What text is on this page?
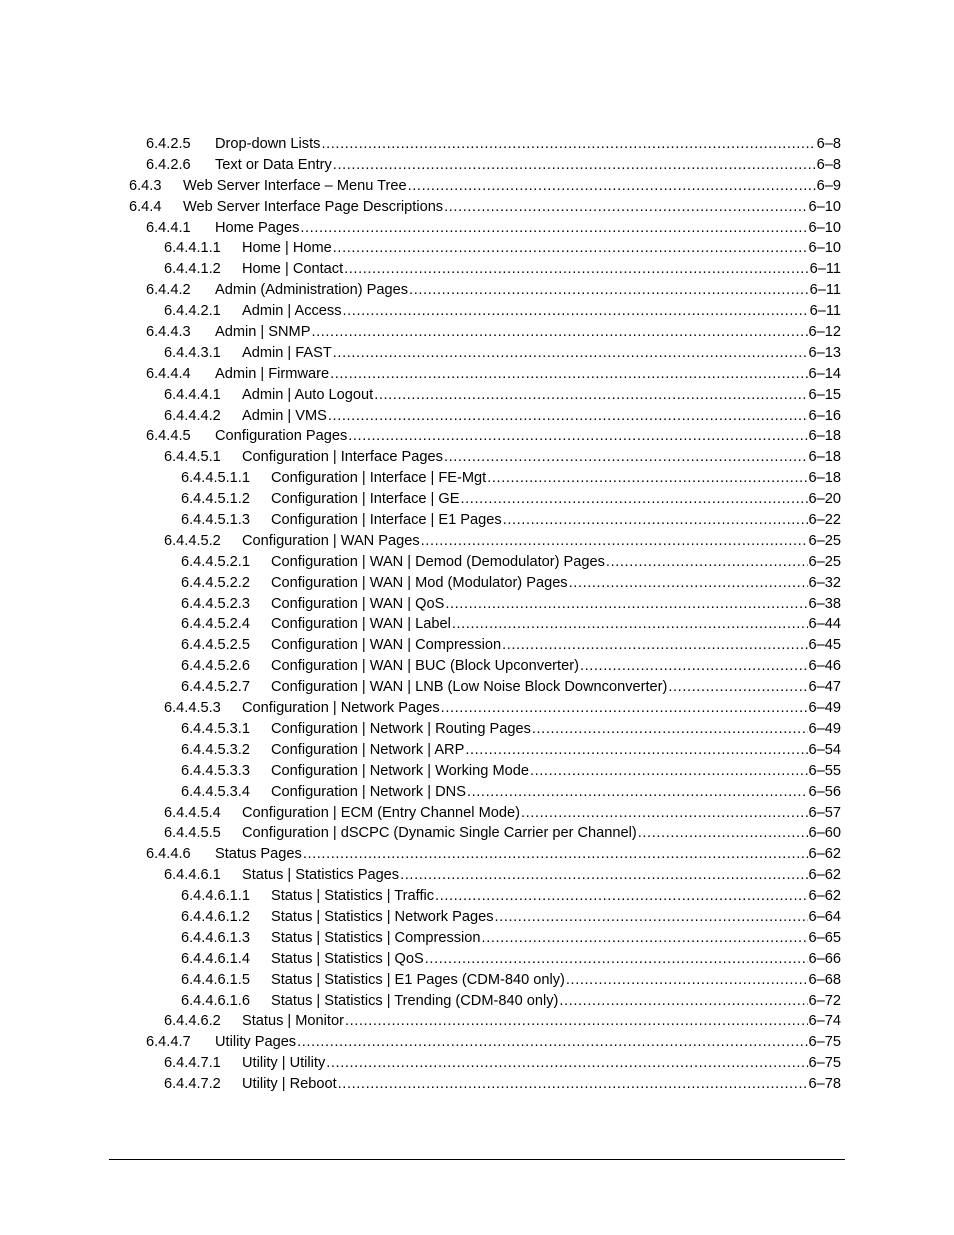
6.4.2.5	Drop-down Lists .....	6–8
6.4.2.6	Text or Data Entry .....	6–8
6.4.3	Web Server Interface – Menu Tree .....	6–9
6.4.4	Web Server Interface Page Descriptions .....	6–10
6.4.4.1	Home Pages .....	6–10
6.4.4.1.1	Home | Home .....	6–10
6.4.4.1.2	Home | Contact .....	6–11
6.4.4.2	Admin (Administration) Pages .....	6–11
6.4.4.2.1	Admin | Access .....	6–11
6.4.4.3	Admin | SNMP .....	6–12
6.4.4.3.1	Admin | FAST .....	6–13
6.4.4.4	Admin | Firmware .....	6–14
6.4.4.4.1	Admin | Auto Logout .....	6–15
6.4.4.4.2	Admin | VMS .....	6–16
6.4.4.5	Configuration Pages .....	6–18
6.4.4.5.1	Configuration | Interface Pages .....	6–18
6.4.4.5.1.1	Configuration | Interface | FE-Mgt .....	6–18
6.4.4.5.1.2	Configuration | Interface | GE .....	6–20
6.4.4.5.1.3	Configuration | Interface | E1 Pages .....	6–22
6.4.4.5.2	Configuration | WAN Pages .....	6–25
6.4.4.5.2.1	Configuration | WAN | Demod (Demodulator) Pages .....	6–25
6.4.4.5.2.2	Configuration | WAN | Mod (Modulator) Pages .....	6–32
6.4.4.5.2.3	Configuration | WAN | QoS .....	6–38
6.4.4.5.2.4	Configuration | WAN | Label .....	6–44
6.4.4.5.2.5	Configuration | WAN | Compression .....	6–45
6.4.4.5.2.6	Configuration | WAN | BUC (Block Upconverter) .....	6–46
6.4.4.5.2.7	Configuration | WAN | LNB (Low Noise Block Downconverter) .....	6–47
6.4.4.5.3	Configuration | Network Pages .....	6–49
6.4.4.5.3.1	Configuration | Network | Routing Pages .....	6–49
6.4.4.5.3.2	Configuration | Network | ARP .....	6–54
6.4.4.5.3.3	Configuration | Network | Working Mode .....	6–55
6.4.4.5.3.4	Configuration | Network | DNS .....	6–56
6.4.4.5.4	Configuration | ECM (Entry Channel Mode) .....	6–57
6.4.4.5.5	Configuration | dSCPC (Dynamic Single Carrier per Channel) .....	6–60
6.4.4.6	Status Pages .....	6–62
6.4.4.6.1	Status | Statistics Pages .....	6–62
6.4.4.6.1.1	Status | Statistics | Traffic .....	6–62
6.4.4.6.1.2	Status | Statistics | Network Pages .....	6–64
6.4.4.6.1.3	Status | Statistics | Compression .....	6–65
6.4.4.6.1.4	Status | Statistics | QoS .....	6–66
6.4.4.6.1.5	Status | Statistics | E1 Pages (CDM-840 only) .....	6–68
6.4.4.6.1.6	Status | Statistics | Trending (CDM-840 only) .....	6–72
6.4.4.6.2	Status | Monitor .....	6–74
6.4.4.7	Utility Pages .....	6–75
6.4.4.7.1	Utility | Utility .....	6–75
6.4.4.7.2	Utility | Reboot .....	6–78
